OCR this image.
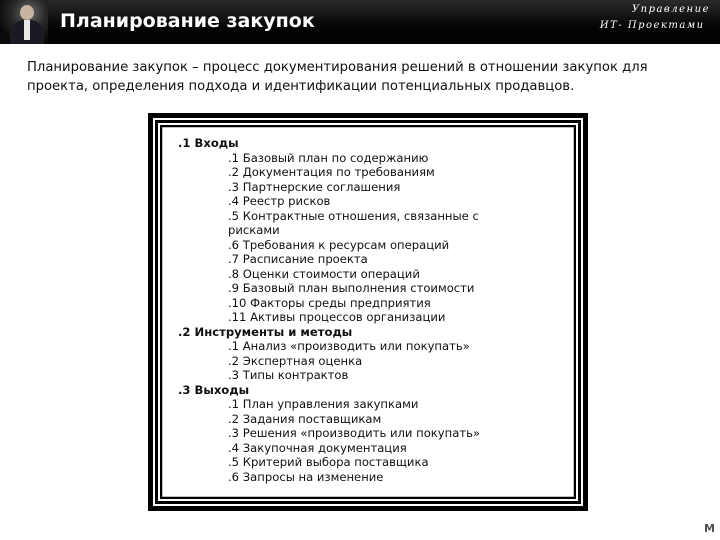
Планирование закупок
Управление
ИТ- Проектами
Планирование закупок – процесс документирования решений в отношении закупок для проекта, определения подхода и идентификации потенциальных продавцов.
.1 Входы
.1 Базовый план по содержанию
.2 Документация по требованиям
.3 Партнерские соглашения
.4 Реестр рисков
.5 Контрактные отношения, связанные с рисками
.6 Требования к ресурсам операций
.7 Расписание проекта
.8 Оценки стоимости операций
.9 Базовый план выполнения стоимости
.10 Факторы среды предприятия
.11 Активы процессов организации
.2 Инструменты и методы
.1 Анализ «производить или покупать»
.2 Экспертная оценка
.3 Типы контрактов
.3 Выходы
.1 План управления закупками
.2 Задания поставщикам
.3 Решения «производить или покупать»
.4 Закупочная документация
.5 Критерий выбора поставщика
.6 Запросы на изменение
M
